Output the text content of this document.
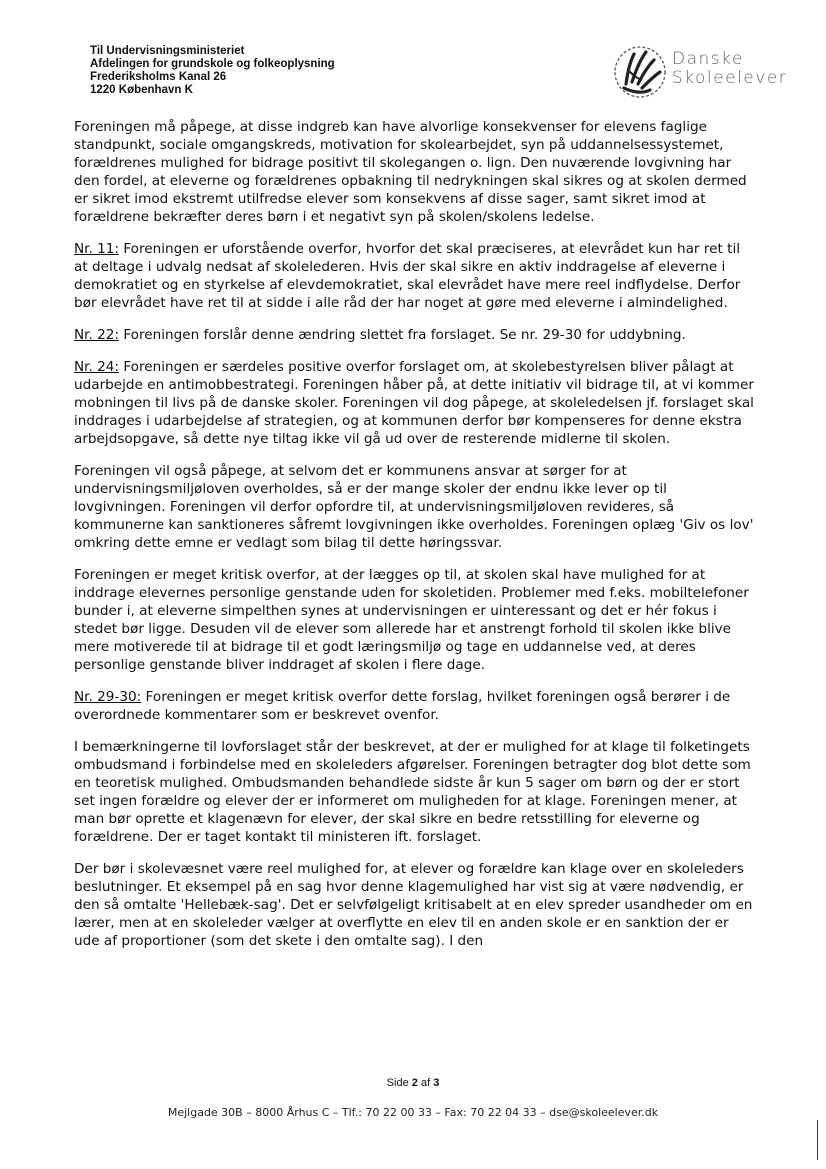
Til Undervisningsministeriet
Afdelingen for grundskole og folkeoplysning
Frederiksholms Kanal 26
1220 København K
Danske
Skoleelever

Foreningen må påpege, at disse indgreb kan have alvorlige konsekvenser for elevens faglige standpunkt, sociale omgangskreds, motivation for skolearbejdet, syn på uddannelsessystemet, forældrenes mulighed for bidrage positivt til skolegangen o. lign. Den nuværende lovgivning har den fordel, at eleverne og forældrenes opbakning til nedrykningen skal sikres og at skolen dermed er sikret imod ekstremt utilfredse elever som konsekvens af disse sager, samt sikret imod at forældrene bekræfter deres børn i et negativt syn på skolen/skolens ledelse.

Nr. 11: Foreningen er uforstående overfor, hvorfor det skal præciseres, at elevrådet kun har ret til at deltage i udvalg nedsat af skolelederen. Hvis der skal sikre en aktiv inddragelse af eleverne i demokratiet og en styrkelse af elevdemokratiet, skal elevrådet have mere reel indflydelse. Derfor bør elevrådet have ret til at sidde i alle råd der har noget at gøre med eleverne i almindelighed.

Nr. 22: Foreningen forslår denne ændring slettet fra forslaget. Se nr. 29-30 for uddybning.

Nr. 24: Foreningen er særdeles positive overfor forslaget om, at skolebestyrelsen bliver pålagt at udarbejde en antimobbestrategi. Foreningen håber på, at dette initiativ vil bidrage til, at vi kommer mobningen til livs på de danske skoler. Foreningen vil dog påpege, at skoleledelsen jf. forslaget skal inddrages i udarbejdelse af strategien, og at kommunen derfor bør kompenseres for denne ekstra arbejdsopgave, så dette nye tiltag ikke vil gå ud over de resterende midlerne til skolen.

Foreningen vil også påpege, at selvom det er kommunens ansvar at sørger for at undervisningsmiljøloven overholdes, så er der mange skoler der endnu ikke lever op til lovgivningen. Foreningen vil derfor opfordre til, at undervisningsmiljøloven revideres, så kommunerne kan sanktioneres såfremt lovgivningen ikke overholdes. Foreningen oplæg 'Giv os lov' omkring dette emne er vedlagt som bilag til dette høringssvar.

Foreningen er meget kritisk overfor, at der lægges op til, at skolen skal have mulighed for at inddrage elevernes personlige genstande uden for skoletiden. Problemer med f.eks. mobiltelefoner bunder i, at eleverne simpelthen synes at undervisningen er uinteressant og det er hér fokus i stedet bør ligge. Desuden vil de elever som allerede har et anstrengt forhold til skolen ikke blive mere motiverede til at bidrage til et godt læringsmiljø og tage en uddannelse ved, at deres personlige genstande bliver inddraget af skolen i flere dage.

Nr. 29-30: Foreningen er meget kritisk overfor dette forslag, hvilket foreningen også berører i de overordnede kommentarer som er beskrevet ovenfor.

I bemærkningerne til lovforslaget står der beskrevet, at der er mulighed for at klage til folketingets ombudsmand i forbindelse med en skoleleders afgørelser. Foreningen betragter dog blot dette som en teoretisk mulighed. Ombudsmanden behandlede sidste år kun 5 sager om børn og der er stort set ingen forældre og elever der er informeret om muligheden for at klage. Foreningen mener, at man bør oprette et klagenævn for elever, der skal sikre en bedre retsstilling for eleverne og forældrene. Der er taget kontakt til ministeren ift. forslaget.

Der bør i skolevæsnet være reel mulighed for, at elever og forældre kan klage over en skoleleders beslutninger. Et eksempel på en sag hvor denne klagemulighed har vist sig at være nødvendig, er den så omtalte 'Hellebæk-sag'. Det er selvfølgeligt kritisabelt at en elev spreder usandheder om en lærer, men at en skoleleder vælger at overflytte en elev til en anden skole er en sanktion der er ude af proportioner (som det skete i den omtalte sag). I den

Side 2 af 3
Mejlgade 30B – 8000 Århus C – Tlf.: 70 22 00 33 – Fax: 70 22 04 33 – dse@skoleelever.dk
